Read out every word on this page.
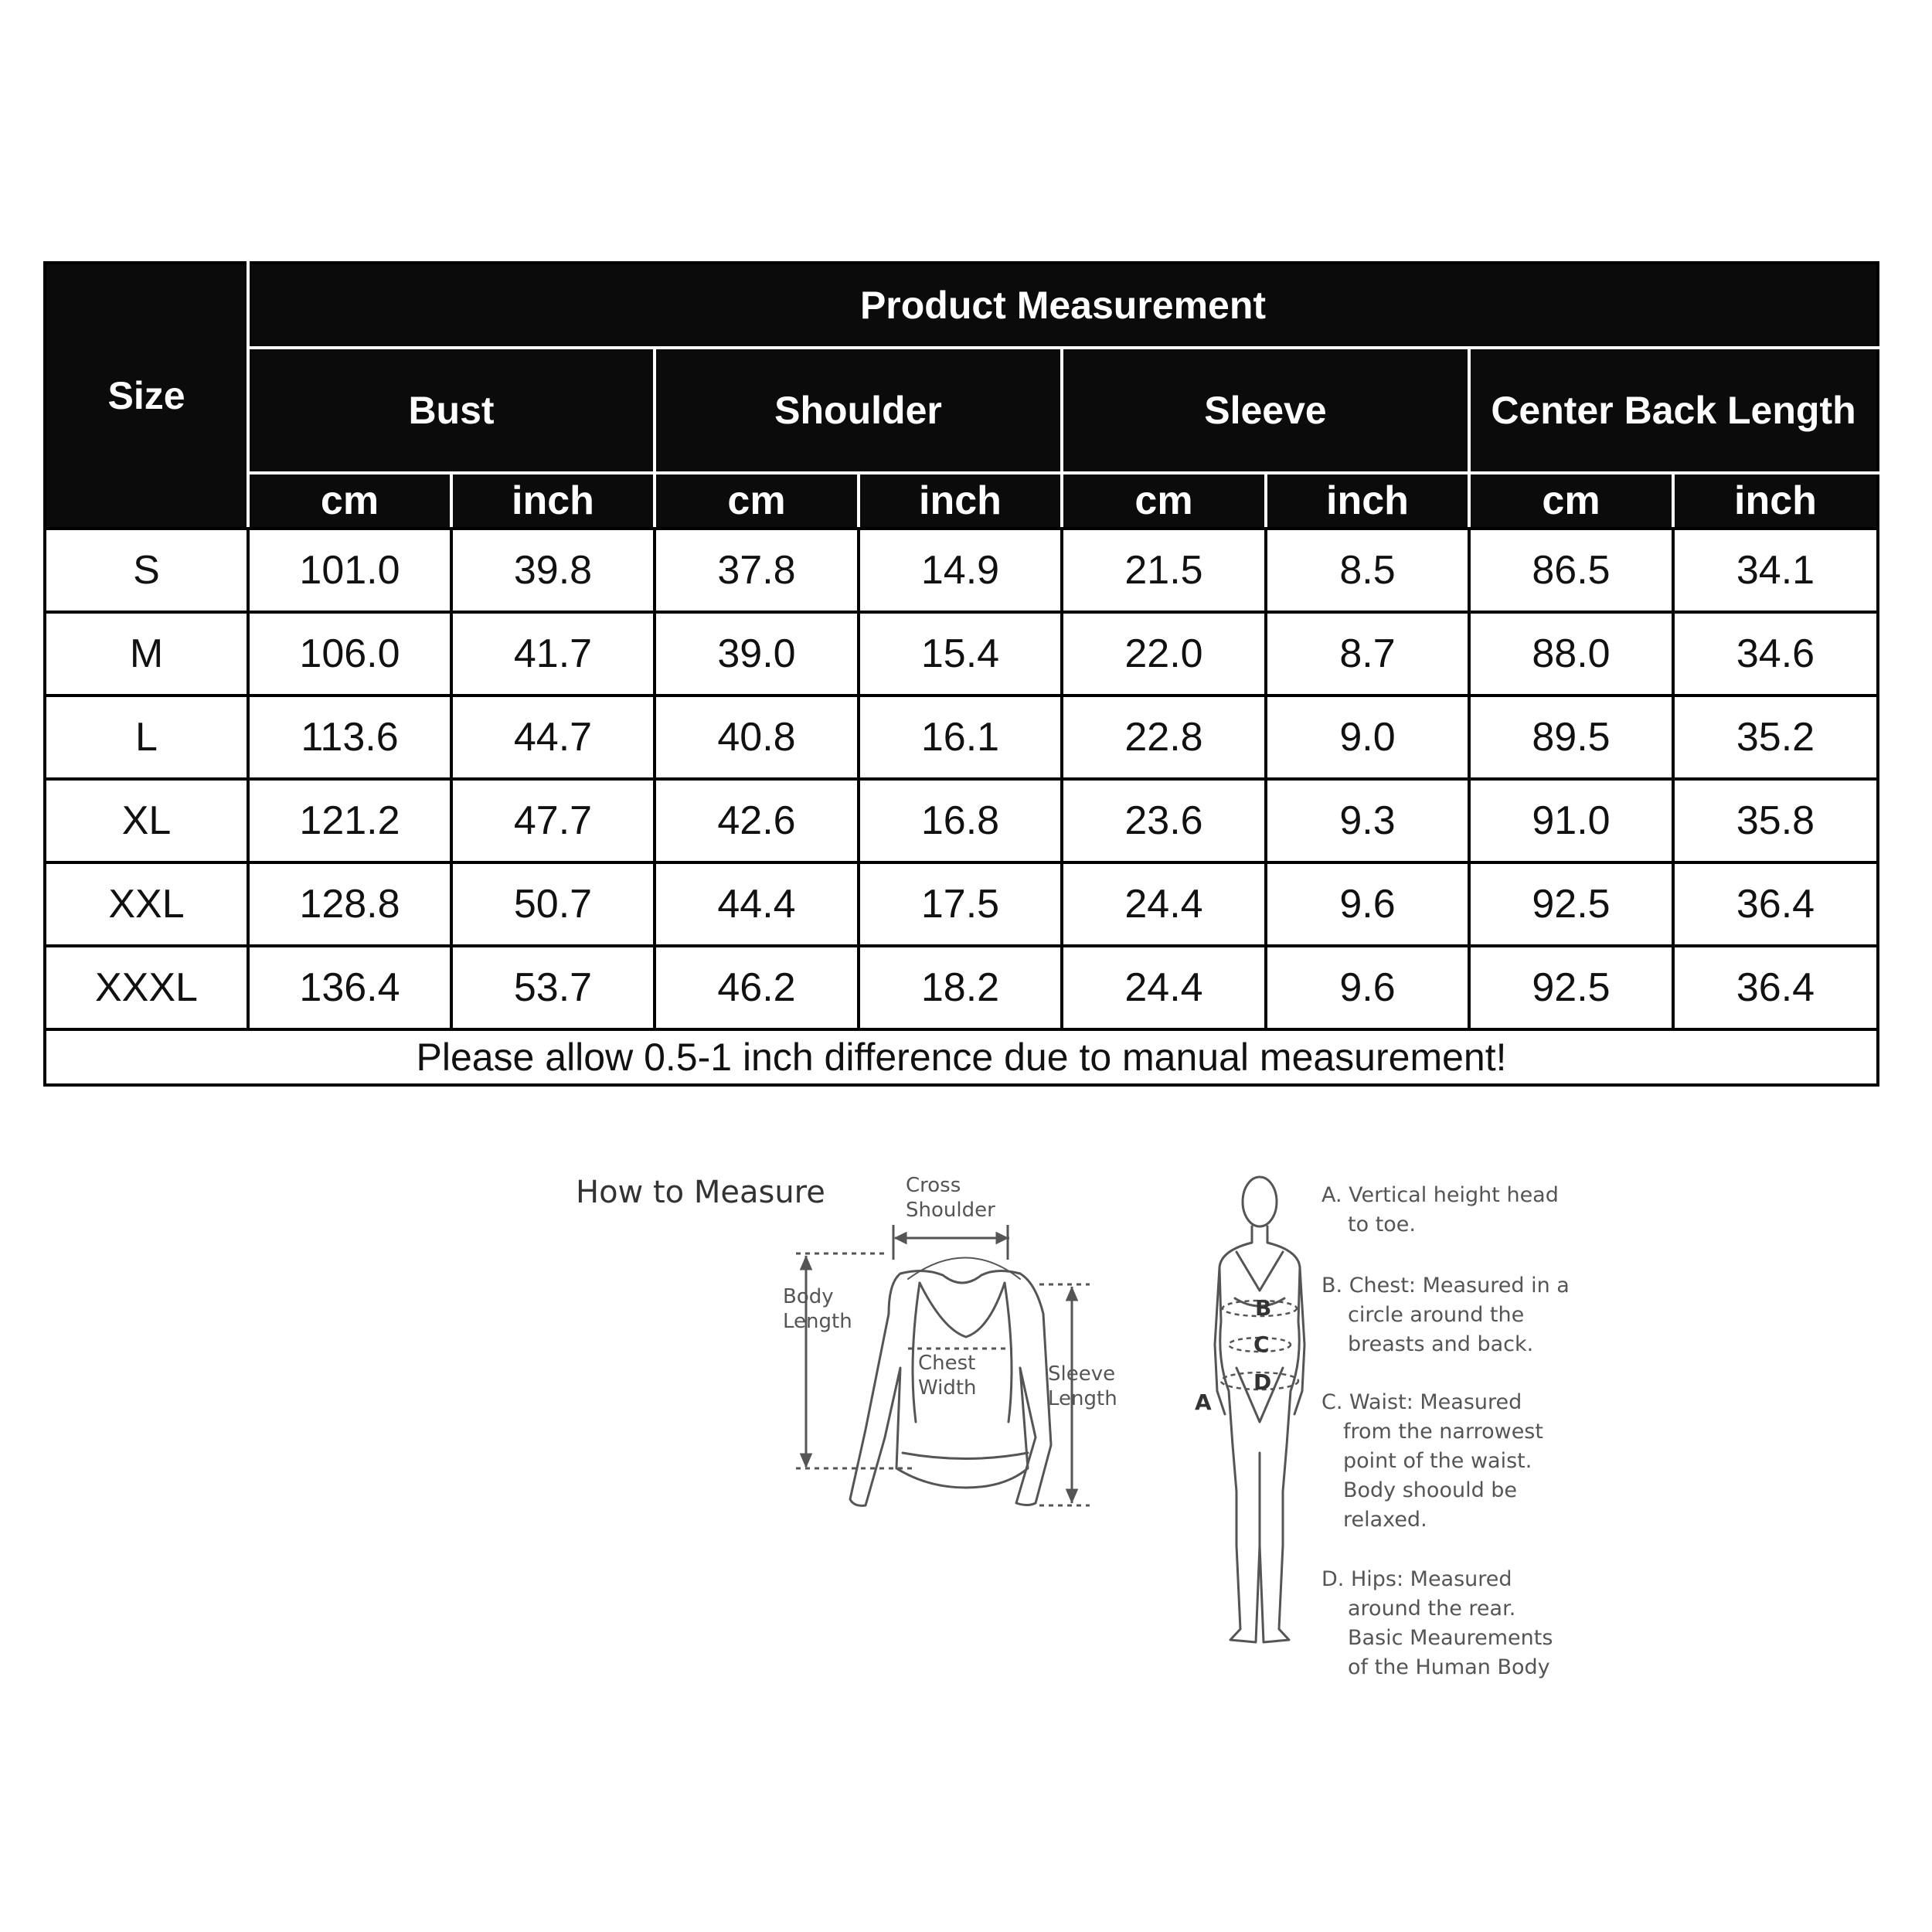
Size	Product Measurement							
	Bust		Shoulder		Sleeve		Center Back Length	
	cm	inch	cm	inch	cm	inch	cm	inch
S	101.0	39.8	37.8	14.9	21.5	8.5	86.5	34.1
M	106.0	41.7	39.0	15.4	22.0	8.7	88.0	34.6
L	113.6	44.7	40.8	16.1	22.8	9.0	89.5	35.2
XL	121.2	47.7	42.6	16.8	23.6	9.3	91.0	35.8
XXL	128.8	50.7	44.4	17.5	24.4	9.6	92.5	36.4
XXXL	136.4	53.7	46.2	18.2	24.4	9.6	92.5	36.4
Please allow 0.5-1 inch difference due to manual measurement!								
How to Measure	Cross
Shoulder
Body
Length
Chest
Width
Sleeve
Length
B
C
D
A
A. Vertical height head
to toe.
B. Chest: Measured in a
circle around the
breasts and back.
C. Waist: Measured
from the narrowest
point of the waist.
Body shoould be
relaxed.
D. Hips: Measured
around the rear.
Basic Meaurements
of the Human Body
